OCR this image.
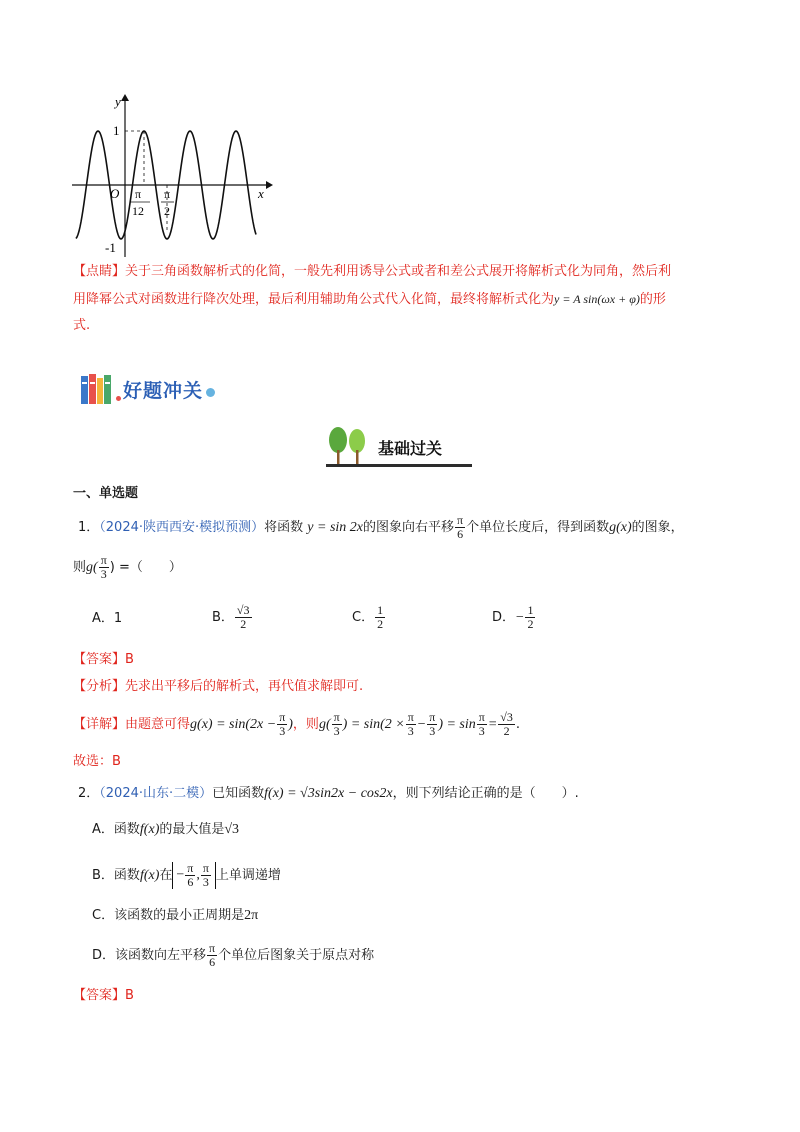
y
x
O
1
-1
π
12
π
2
【点睛】关于三角函数解析式的化简，一般先利用诱导公式或者和差公式展开将解析式化为同角，然后利
用降幂公式对函数进行降次处理，最后利用辅助角公式代入化简，最终将解析式化为y = A sin(ωx + φ)的形
式.
好题冲关
基础过关
一、单选题
1．（2024·陕西西安·模拟预测）将函数 y = sin 2x的图象向右平移 $\frac{\pi}{6}$ 个单位长度后，得到函数g(x)的图象，
则$g( \frac{\pi}{3}$ ) =（　　）
A．1	B． $\frac{√3}{2}$	C． $\frac{1}{2}$	D．− $\frac{1}{2}$
【答案】B
【分析】先求出平移后的解析式，再代值求解即可.
【详解】由题意可得$g(x) = \sin(2x - \frac{\pi}{3}$ )，则$g( \frac{\pi}{3}$ ) = $\sin(2 \times \frac{\pi}{3} - \frac{\pi}{3}$ ) = $\sin \frac{\pi}{3} = \frac{√3}{2}$ .
故选：B
2．（2024·山东·二模）已知函数f(x) = √3sin2x − cos2x，则下列结论正确的是（　　）.
A．函数f(x)的最大值是√3
B．函数f(x)在 − $\frac{\pi}{6}$ , $\frac{\pi}{3}$ 上单调递增
C．该函数的最小正周期是2π
D．该函数向左平移 $\frac{\pi}{6}$ 个单位后图象关于原点对称
【答案】B
